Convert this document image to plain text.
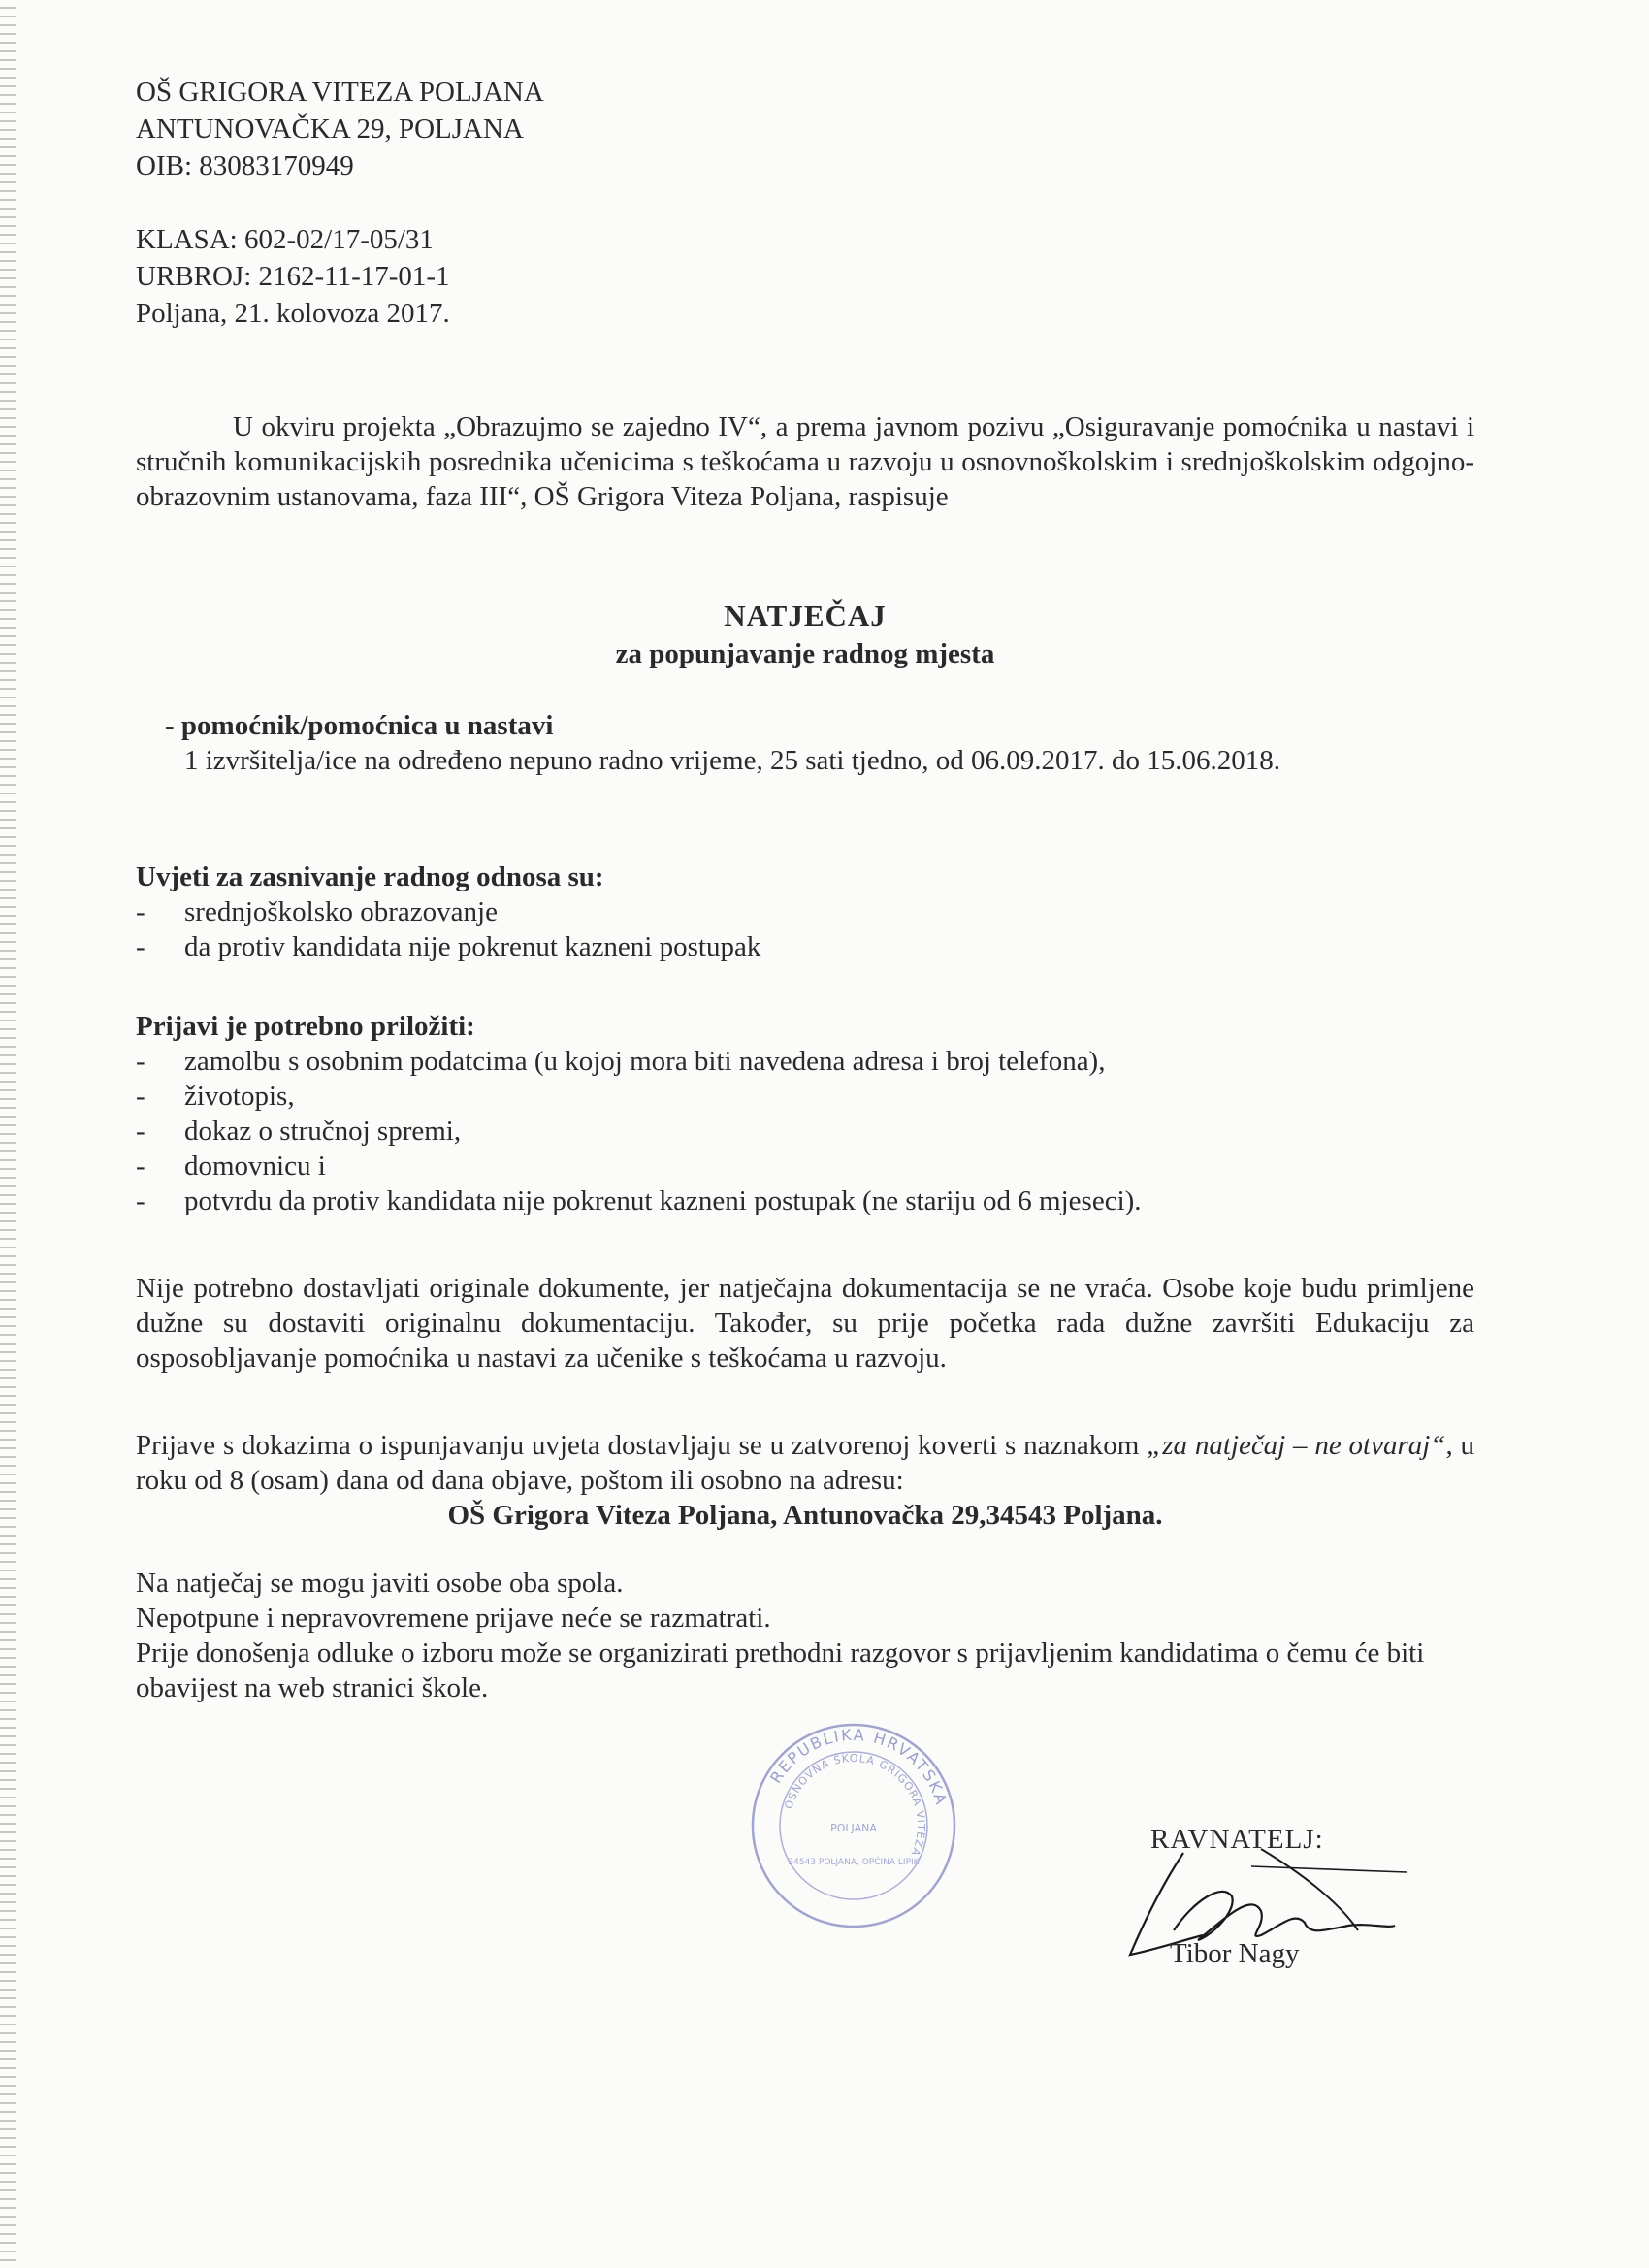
OŠ GRIGORA VITEZA POLJANA
ANTUNOVAČKA 29, POLJANA
OIB: 83083170949
KLASA: 602-02/17-05/31
URBROJ: 2162-11-17-01-1
Poljana, 21. kolovoza 2017.
U okviru projekta „Obrazujmo se zajedno IV“, a prema javnom pozivu „Osiguravanje pomoćnika u nastavi i stručnih komunikacijskih posrednika učenicima s teškoćama u razvoju u osnovnoškolskim i srednjoškolskim odgojno-obrazovnim ustanovama, faza III“, OŠ Grigora Viteza Poljana, raspisuje
NATJEČAJ
za popunjavanje radnog mjesta
- pomoćnik/pomoćnica u nastavi
1 izvršitelja/ice na određeno nepuno radno vrijeme, 25 sati tjedno, od 06.09.2017. do 15.06.2018.
Uvjeti za zasnivanje radnog odnosa su:
- srednjoškolsko obrazovanje
- da protiv kandidata nije pokrenut kazneni postupak
Prijavi je potrebno priložiti:
- zamolbu s osobnim podatcima (u kojoj mora biti navedena adresa i broj telefona),
- životopis,
- dokaz o stručnoj spremi,
- domovnicu i
- potvrdu da protiv kandidata nije pokrenut kazneni postupak (ne stariju od 6 mjeseci).
Nije potrebno dostavljati originale dokumente, jer natječajna dokumentacija se ne vraća. Osobe koje budu primljene dužne su dostaviti originalnu dokumentaciju. Također, su prije početka rada dužne završiti Edukaciju za osposobljavanje pomoćnika u nastavi za učenike s teškoćama u razvoju.
Prijave s dokazima o ispunjavanju uvjeta dostavljaju se u zatvorenoj koverti s naznakom „za natječaj – ne otvaraj“, u roku od 8 (osam) dana od dana objave, poštom ili osobno na adresu:
OŠ Grigora Viteza Poljana, Antunovačka 29,34543 Poljana.
Na natječaj se mogu javiti osobe oba spola.
Nepotpune i nepravovremene prijave neće se razmatrati.
Prije donošenja odluke o izboru može se organizirati prethodni razgovor s prijavljenim kandidatima o čemu će biti obavijest na web stranici škole.
REPUBLIKA HRVATSKA
OSNOVNA ŠKOLA GRIGORA VITEZA
POLJANA
34543 POLJANA, OPĆINA LIPIK
RAVNATELJ:
Tibor Nagy
